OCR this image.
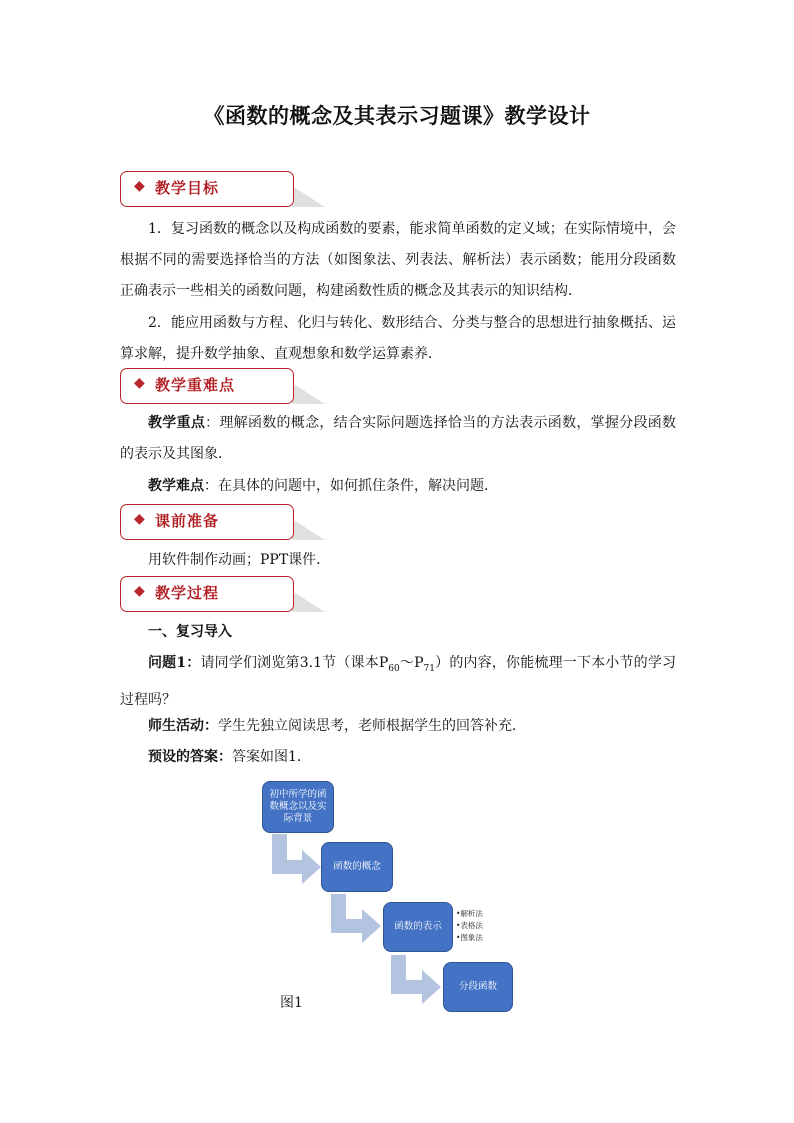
《函数的概念及其表示习题课》教学设计
◆ 教学目标
1．复习函数的概念以及构成函数的要素，能求简单函数的定义域；在实际情境中，会根据不同的需要选择恰当的方法（如图象法、列表法、解析法）表示函数；能用分段函数正确表示一些相关的函数问题，构建函数性质的概念及其表示的知识结构．
2．能应用函数与方程、化归与转化、数形结合、分类与整合的思想进行抽象概括、运算求解，提升数学抽象、直观想象和数学运算素养．
◆ 教学重难点
教学重点：理解函数的概念，结合实际问题选择恰当的方法表示函数，掌握分段函数的表示及其图象．
教学难点：在具体的问题中，如何抓住条件，解决问题．
◆ 课前准备
用软件制作动画；PPT课件．
◆ 教学过程
一、复习导入
问题1：请同学们浏览第3.1节（课本$P_{60}\sim P_{71}$）的内容，你能梳理一下本小节的学习过程吗？
师生活动：学生先独立阅读思考，老师根据学生的回答补充．
预设的答案：答案如图1．
初中所学的函数概念以及实际背景
函数的概念
函数的表示
分段函数
• 解析法
• 表格法
• 图象法
图1
